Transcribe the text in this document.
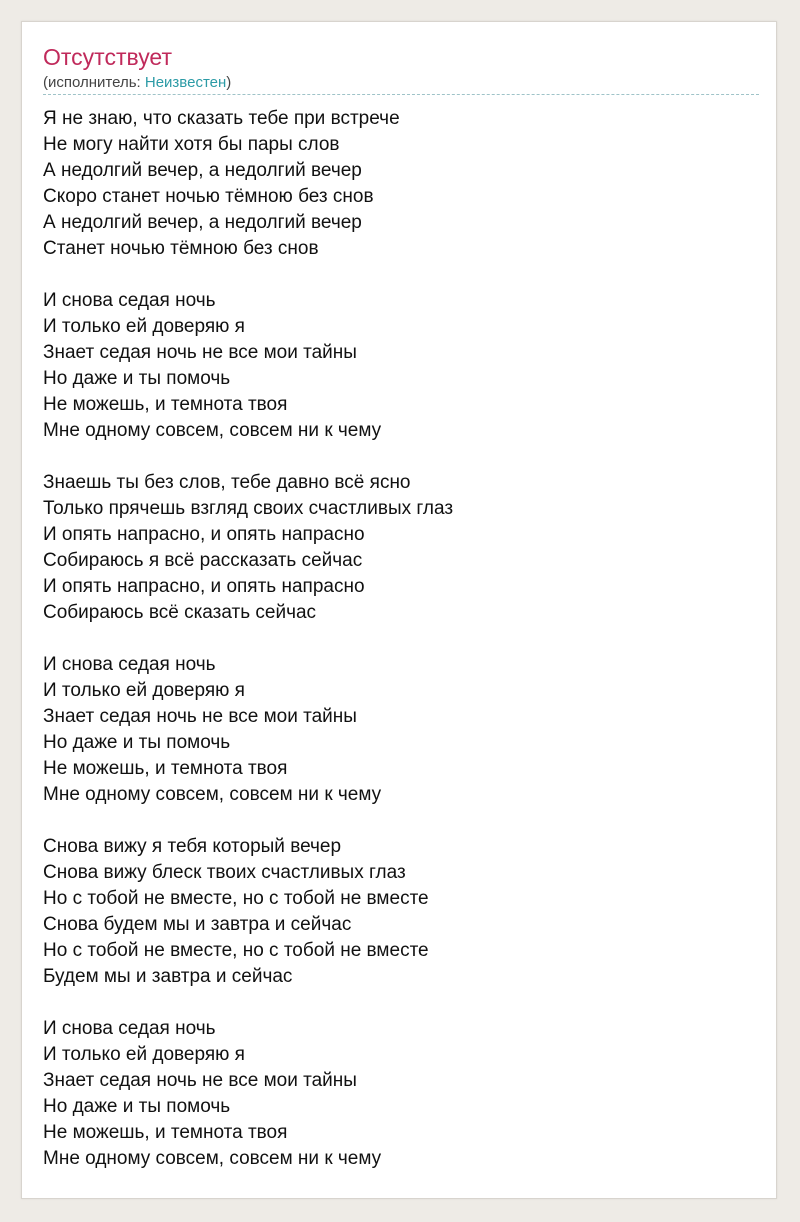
Отсутствует
(исполнитель: Неизвестен)
Я не знаю, что сказать тебе при встрече
Не могу найти хотя бы пары слов
А недолгий вечер, а недолгий вечер
Скоро станет ночью тёмною без снов
А недолгий вечер, а недолгий вечер
Станет ночью тёмною без снов
И снова седая ночь
И только ей доверяю я
Знает седая ночь не все мои тайны
Но даже и ты помочь
Не можешь, и темнота твоя
Мне одному совсем, совсем ни к чему
Знаешь ты без слов, тебе давно всё ясно
Только прячешь взгляд своих счастливых глаз
И опять напрасно, и опять напрасно
Собираюсь я всё рассказать сейчас
И опять напрасно, и опять напрасно
Собираюсь всё сказать сейчас
И снова седая ночь
И только ей доверяю я
Знает седая ночь не все мои тайны
Но даже и ты помочь
Не можешь, и темнота твоя
Мне одному совсем, совсем ни к чему
Снова вижу я тебя который вечер
Снова вижу блеск твоих счастливых глаз
Но с тобой не вместе, но с тобой не вместе
Снова будем мы и завтра и сейчас
Но с тобой не вместе, но с тобой не вместе
Будем мы и завтра и сейчас
И снова седая ночь
И только ей доверяю я
Знает седая ночь не все мои тайны
Но даже и ты помочь
Не можешь, и темнота твоя
Мне одному совсем, совсем ни к чему
